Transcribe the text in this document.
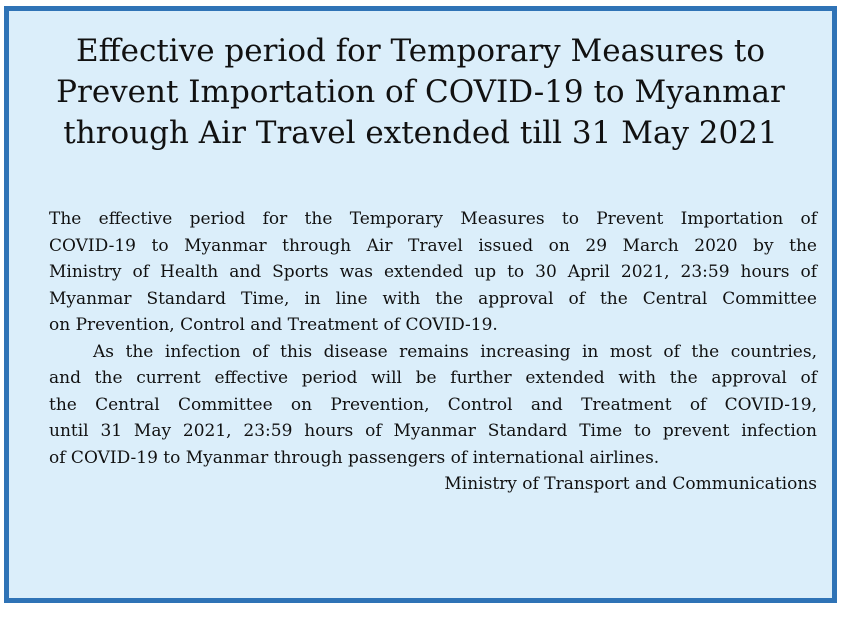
Effective period for Temporary Measures to
Prevent Importation of COVID-19 to Myanmar
through Air Travel extended till 31 May 2021
The effective period for the Temporary Measures to Prevent Importation of
COVID-19 to Myanmar through Air Travel issued on 29 March 2020 by the
Ministry of Health and Sports was extended up to 30 April 2021, 23:59 hours of
Myanmar Standard Time, in line with the approval of the Central Committee
on Prevention, Control and Treatment of COVID-19.
As the infection of this disease remains increasing in most of the countries,
and the current effective period will be further extended with the approval of
the Central Committee on Prevention, Control and Treatment of COVID-19,
until 31 May 2021, 23:59 hours of Myanmar Standard Time to prevent infection
of COVID-19 to Myanmar through passengers of international airlines.
Ministry of Transport and Communications
